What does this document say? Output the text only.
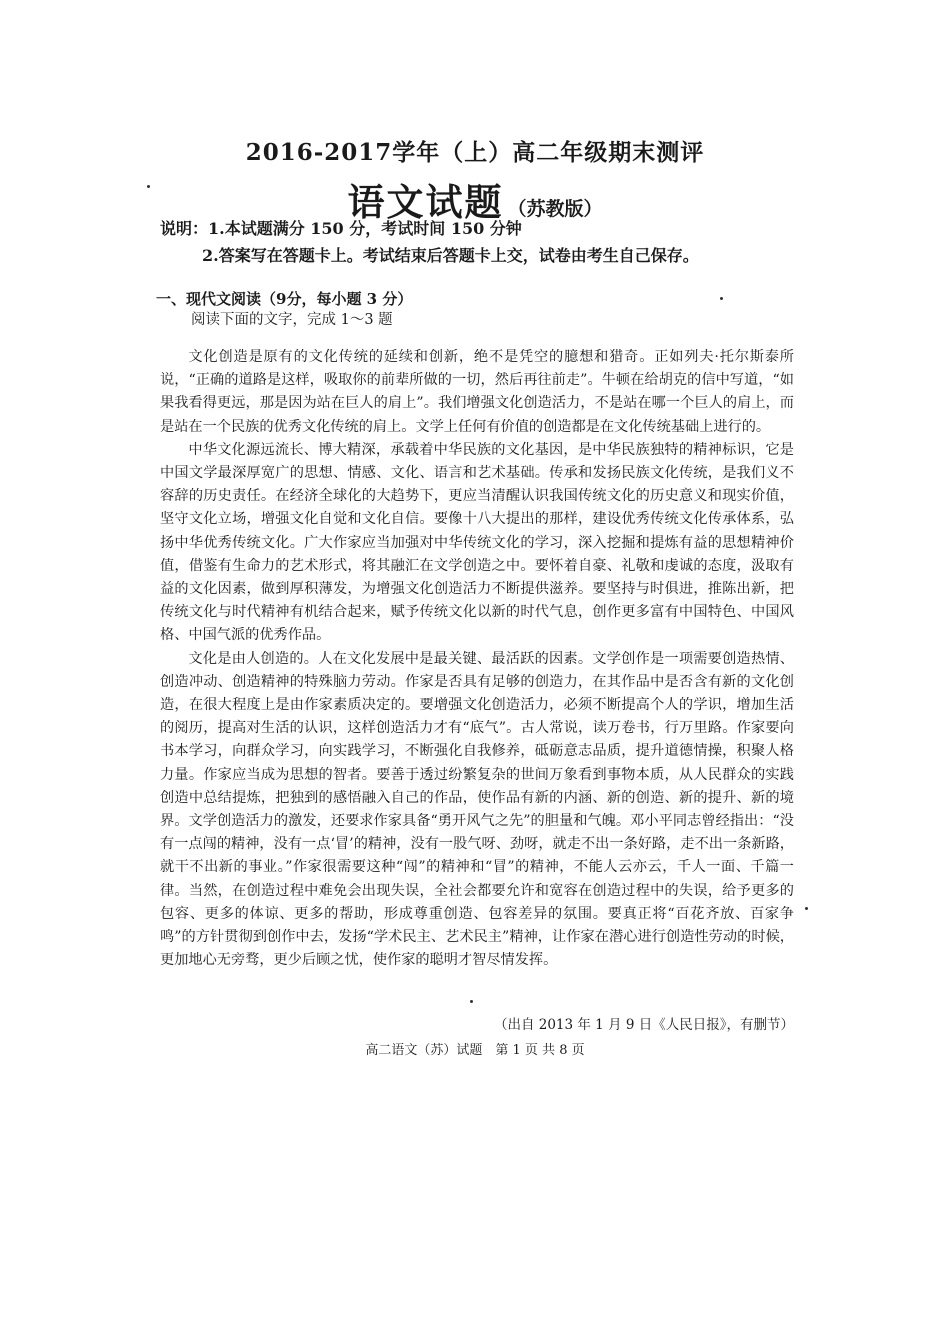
2016-2017学年（上）高二年级期末测评
语文试题 （苏教版）
说明：1.本试题满分 150 分，考试时间 150 分钟
2.答案写在答题卡上。考试结束后答题卡上交，试卷由考生自己保存。
一、现代文阅读（9分，每小题 3 分）
阅读下面的文字，完成 1～3 题

文化创造是原有的文化传统的延续和创新，绝不是凭空的臆想和猎奇。正如列夫·托尔斯泰所说，“正确的道路是这样，吸取你的前辈所做的一切，然后再往前走”。牛顿在给胡克的信中写道，“如果我看得更远，那是因为站在巨人的肩上”。我们增强文化创造活力，不是站在哪一个巨人的肩上，而是站在一个民族的优秀文化传统的肩上。文学上任何有价值的创造都是在文化传统基础上进行的。

中华文化源远流长、博大精深，承载着中华民族的文化基因，是中华民族独特的精神标识，它是中国文学最深厚宽广的思想、情感、文化、语言和艺术基础。传承和发扬民族文化传统，是我们义不容辞的历史责任。在经济全球化的大趋势下，更应当清醒认识我国传统文化的历史意义和现实价值，坚守文化立场，增强文化自觉和文化自信。要像十八大提出的那样，建设优秀传统文化传承体系，弘扬中华优秀传统文化。广大作家应当加强对中华传统文化的学习，深入挖掘和提炼有益的思想精神价值，借鉴有生命力的艺术形式，将其融汇在文学创造之中。要怀着自豪、礼敬和虔诚的态度，汲取有益的文化因素，做到厚积薄发，为增强文化创造活力不断提供滋养。要坚持与时俱进，推陈出新，把传统文化与时代精神有机结合起来，赋予传统文化以新的时代气息，创作更多富有中国特色、中国风格、中国气派的优秀作品。

文化是由人创造的。人在文化发展中是最关键、最活跃的因素。文学创作是一项需要创造热情、创造冲动、创造精神的特殊脑力劳动。作家是否具有足够的创造力，在其作品中是否含有新的文化创造，在很大程度上是由作家素质决定的。要增强文化创造活力，必须不断提高个人的学识，增加生活的阅历，提高对生活的认识，这样创造活力才有“底气”。古人常说，读万卷书，行万里路。作家要向书本学习，向群众学习，向实践学习，不断强化自我修养，砥砺意志品质，提升道德情操，积聚人格力量。作家应当成为思想的智者。要善于透过纷繁复杂的世间万象看到事物本质，从人民群众的实践创造中总结提炼，把独到的感悟融入自己的作品，使作品有新的内涵、新的创造、新的提升、新的境界。文学创造活力的激发，还要求作家具备“勇开风气之先”的胆量和气魄。邓小平同志曾经指出：“没有一点闯的精神，没有一点‘冒’的精神，没有一股气呀、劲呀，就走不出一条好路，走不出一条新路，就干不出新的事业。”作家很需要这种“闯”的精神和“冒”的精神，不能人云亦云，千人一面、千篇一律。当然，在创造过程中难免会出现失误，全社会都要允许和宽容在创造过程中的失误，给予更多的包容、更多的体谅、更多的帮助，形成尊重创造、包容差异的氛围。要真正将“百花齐放、百家争鸣”的方针贯彻到创作中去，发扬“学术民主、艺术民主”精神，让作家在潜心进行创造性劳动的时候，更加地心无旁骛，更少后顾之忧，使作家的聪明才智尽情发挥。

（出自 2013 年 1 月 9 日《人民日报》，有删节）
高二语文（苏）试题　第 1 页 共 8 页
